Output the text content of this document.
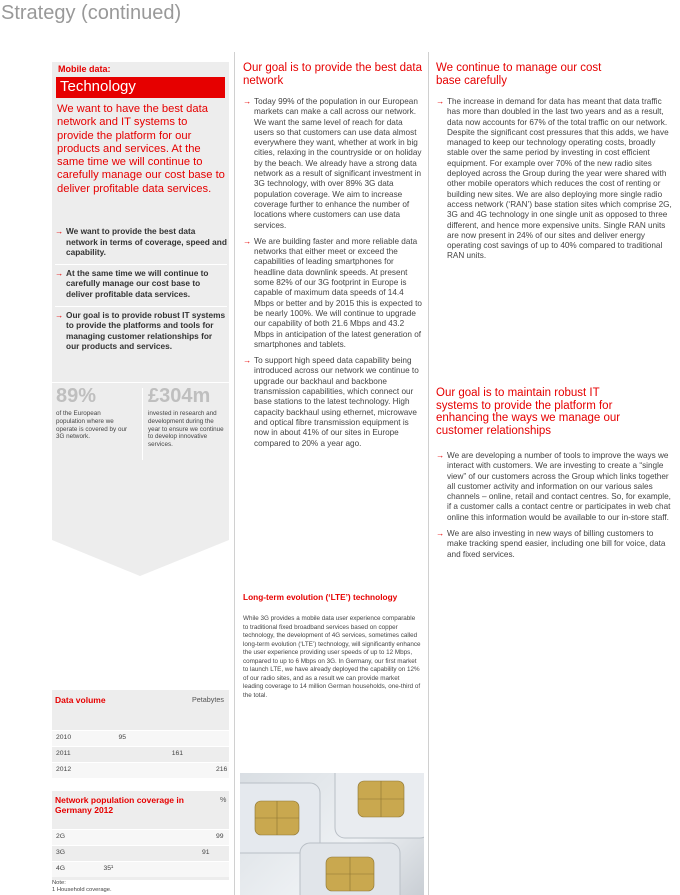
Strategy (continued)
Mobile data:
Technology
We want to have the best data network and IT systems to provide the platform for our products and services. At the same time we will continue to carefully manage our cost base to deliver profitable data services.
→ We want to provide the best data network in terms of coverage, speed and capability.
→ At the same time we will continue to carefully manage our cost base to deliver profitable data services.
→ Our goal is to provide robust IT systems to provide the platforms and tools for managing customer relationships for our products and services.
89%
of the European population where we operate is covered by our 3G network.
£304m
invested in research and development during the year to ensure we continue to develop innovative services.
Our goal is to provide the best data network
→ Today 99% of the population in our European markets can make a call across our network. We want the same level of reach for data users so that customers can use data almost everywhere they want, whether at work in big cities, relaxing in the countryside or on holiday by the beach. We already have a strong data network as a result of significant investment in 3G technology, with over 89% 3G data population coverage. We aim to increase coverage further to enhance the number of locations where customers can use data services.
→ We are building faster and more reliable data networks that either meet or exceed the capabilities of leading smartphones for headline data downlink speeds. At present some 82% of our 3G footprint in Europe is capable of maximum data speeds of 14.4 Mbps or better and by 2015 this is expected to be nearly 100%. We will continue to upgrade our capability of both 21.6 Mbps and 43.2 Mbps in anticipation of the latest generation of smartphones and tablets.
→ To support high speed data capability being introduced across our network we continue to upgrade our backhaul and backbone transmission capabilities, which connect our base stations to the latest technology. High capacity backhaul using ethernet, microwave and optical fibre transmission equipment is now in about 41% of our sites in Europe compared to 20% a year ago.
Long-term evolution (‘LTE’) technology
While 3G provides a mobile data user experience comparable to traditional fixed broadband services based on copper technology, the development of 4G services, sometimes called long-term evolution (‘LTE’) technology, will significantly enhance the user experience providing user speeds of up to 12 Mbps, compared to up to 6 Mbps on 3G. In Germany, our first market to launch LTE, we have already deployed the capability on 12% of our radio sites, and as a result we can provide market leading coverage to 14 million German households, one-third of the total.
We continue to manage our cost base carefully
→ The increase in demand for data has meant that data traffic has more than doubled in the last two years and as a result, data now accounts for 67% of the total traffic on our network. Despite the significant cost pressures that this adds, we have managed to keep our technology operating costs, broadly stable over the same period by investing in cost efficient equipment. For example over 70% of the new radio sites deployed across the Group during the year were shared with other mobile operators which reduces the cost of renting or building new sites. We are also deploying more single radio access network (‘RAN’) base station sites which comprise 2G, 3G and 4G technology in one single unit as opposed to three different, and hence more expensive units. Single RAN units are now present in 24% of our sites and deliver energy operating cost savings of up to 40% compared to traditional RAN units.
Our goal is to maintain robust IT systems to provide the platform for enhancing the ways we manage our customer relationships
→ We are developing a number of tools to improve the ways we interact with customers. We are investing to create a “single view” of our customers across the Group which links together all customer activity and information on our various sales channels – online, retail and contact centres. So, for example, if a customer calls a contact centre or participates in web chat online this information would be available to our in-store staff.
→ We are also investing in new ways of billing customers to make tracking spend easier, including one bill for voice, data and fixed services.
Data volume	Petabytes
2010	95
2011	161
2012	216
Network population coverage in Germany 2012
%
2G	99
3G	91
4G	35¹
Note:
1 Household coverage.
